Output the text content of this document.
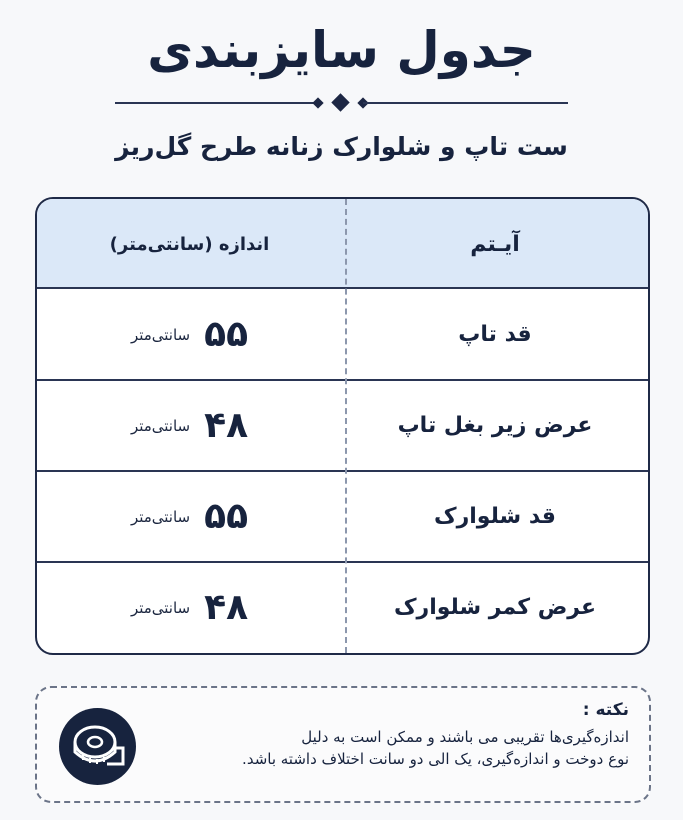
جدول سایزبندی
ست تاپ و شلوارک زنانه طرح گل‌ریز
آیـتم
اندازه (سانتی‌متر)
قد تاپ
۵۵
سانتی‌متر
عرض زیر بغل تاپ
۴۸
سانتی‌متر
قد شلوارک
۵۵
سانتی‌متر
عرض کمر شلوارک
۴۸
سانتی‌متر
نکته :
اندازه‌گیری‌ها تقریبی می باشند و ممکن است به دلیل
نوع دوخت و اندازه‌گیری، یک الی دو سانت اختلاف داشته باشد.
